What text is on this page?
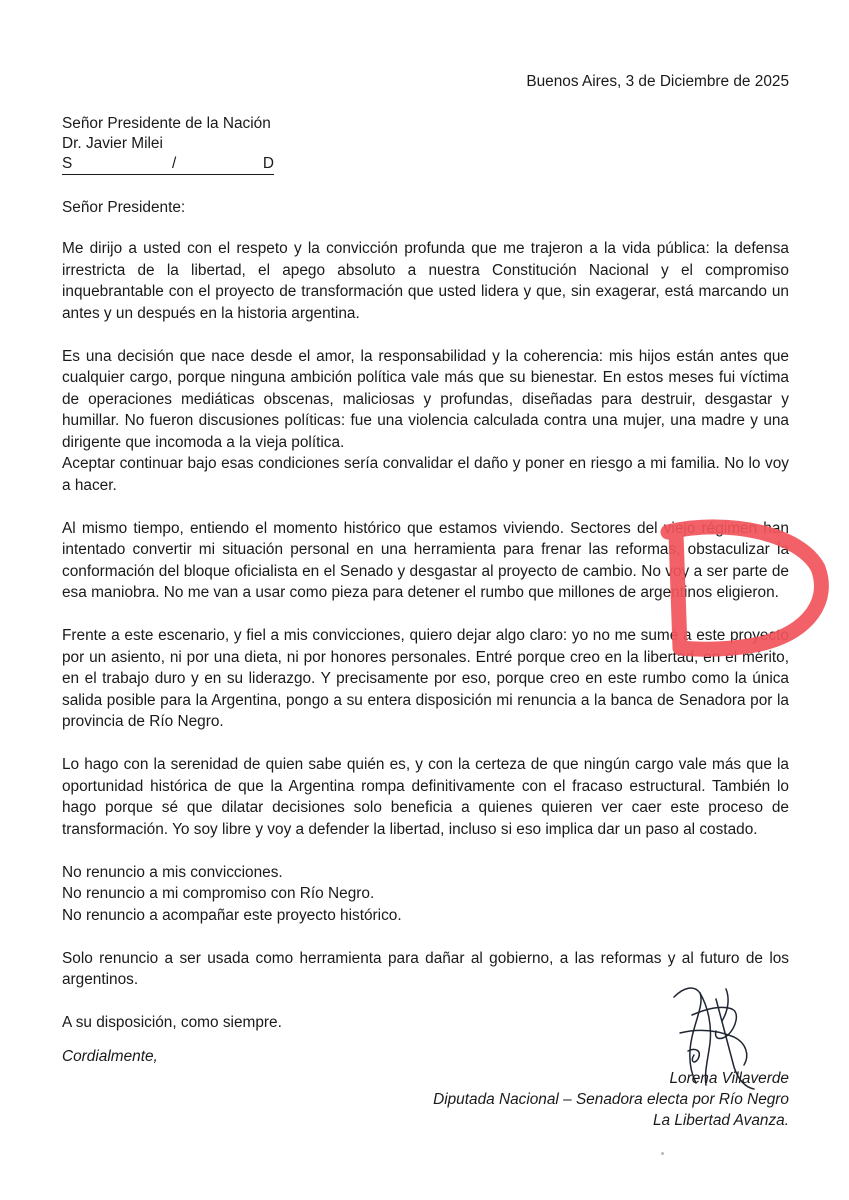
Buenos Aires, 3 de Diciembre de 2025
Señor Presidente de la Nación
Dr. Javier Milei
S	/	D
Señor Presidente:

Me dirijo a usted con el respeto y la convicción profunda que me trajeron a la vida pública: la defensa irrestricta de la libertad, el apego absoluto a nuestra Constitución Nacional y el compromiso inquebrantable con el proyecto de transformación que usted lidera y que, sin exagerar, está marcando un antes y un después en la historia argentina.

Es una decisión que nace desde el amor, la responsabilidad y la coherencia: mis hijos están antes que cualquier cargo, porque ninguna ambición política vale más que su bienestar. En estos meses fui víctima de operaciones mediáticas obscenas, maliciosas y profundas, diseñadas para destruir, desgastar y humillar. No fueron discusiones políticas: fue una violencia calculada contra una mujer, una madre y una dirigente que incomoda a la vieja política.

Aceptar continuar bajo esas condiciones sería convalidar el daño y poner en riesgo a mi familia. No lo voy a hacer.

Al mismo tiempo, entiendo el momento histórico que estamos viviendo. Sectores del viejo régimen han intentado convertir mi situación personal en una herramienta para frenar las reformas, obstaculizar la conformación del bloque oficialista en el Senado y desgastar al proyecto de cambio. No voy a ser parte de esa maniobra. No me van a usar como pieza para detener el rumbo que millones de argentinos eligieron.

Frente a este escenario, y fiel a mis convicciones, quiero dejar algo claro: yo no me sumé a este proyecto por un asiento, ni por una dieta, ni por honores personales. Entré porque creo en la libertad, en el mérito, en el trabajo duro y en su liderazgo. Y precisamente por eso, porque creo en este rumbo como la única salida posible para la Argentina, pongo a su entera disposición mi renuncia a la banca de Senadora por la provincia de Río Negro.

Lo hago con la serenidad de quien sabe quién es, y con la certeza de que ningún cargo vale más que la oportunidad histórica de que la Argentina rompa definitivamente con el fracaso estructural. También lo hago porque sé que dilatar decisiones solo beneficia a quienes quieren ver caer este proceso de transformación. Yo soy libre y voy a defender la libertad, incluso si eso implica dar un paso al costado.

No renuncio a mis convicciones.

No renuncio a mi compromiso con Río Negro.

No renuncio a acompañar este proyecto histórico.

Solo renuncio a ser usada como herramienta para dañar al gobierno, a las reformas y al futuro de los argentinos.

A su disposición, como siempre.

Cordialmente,
Lorena Villaverde
Diputada Nacional – Senadora electa por Río Negro
La Libertad Avanza.
